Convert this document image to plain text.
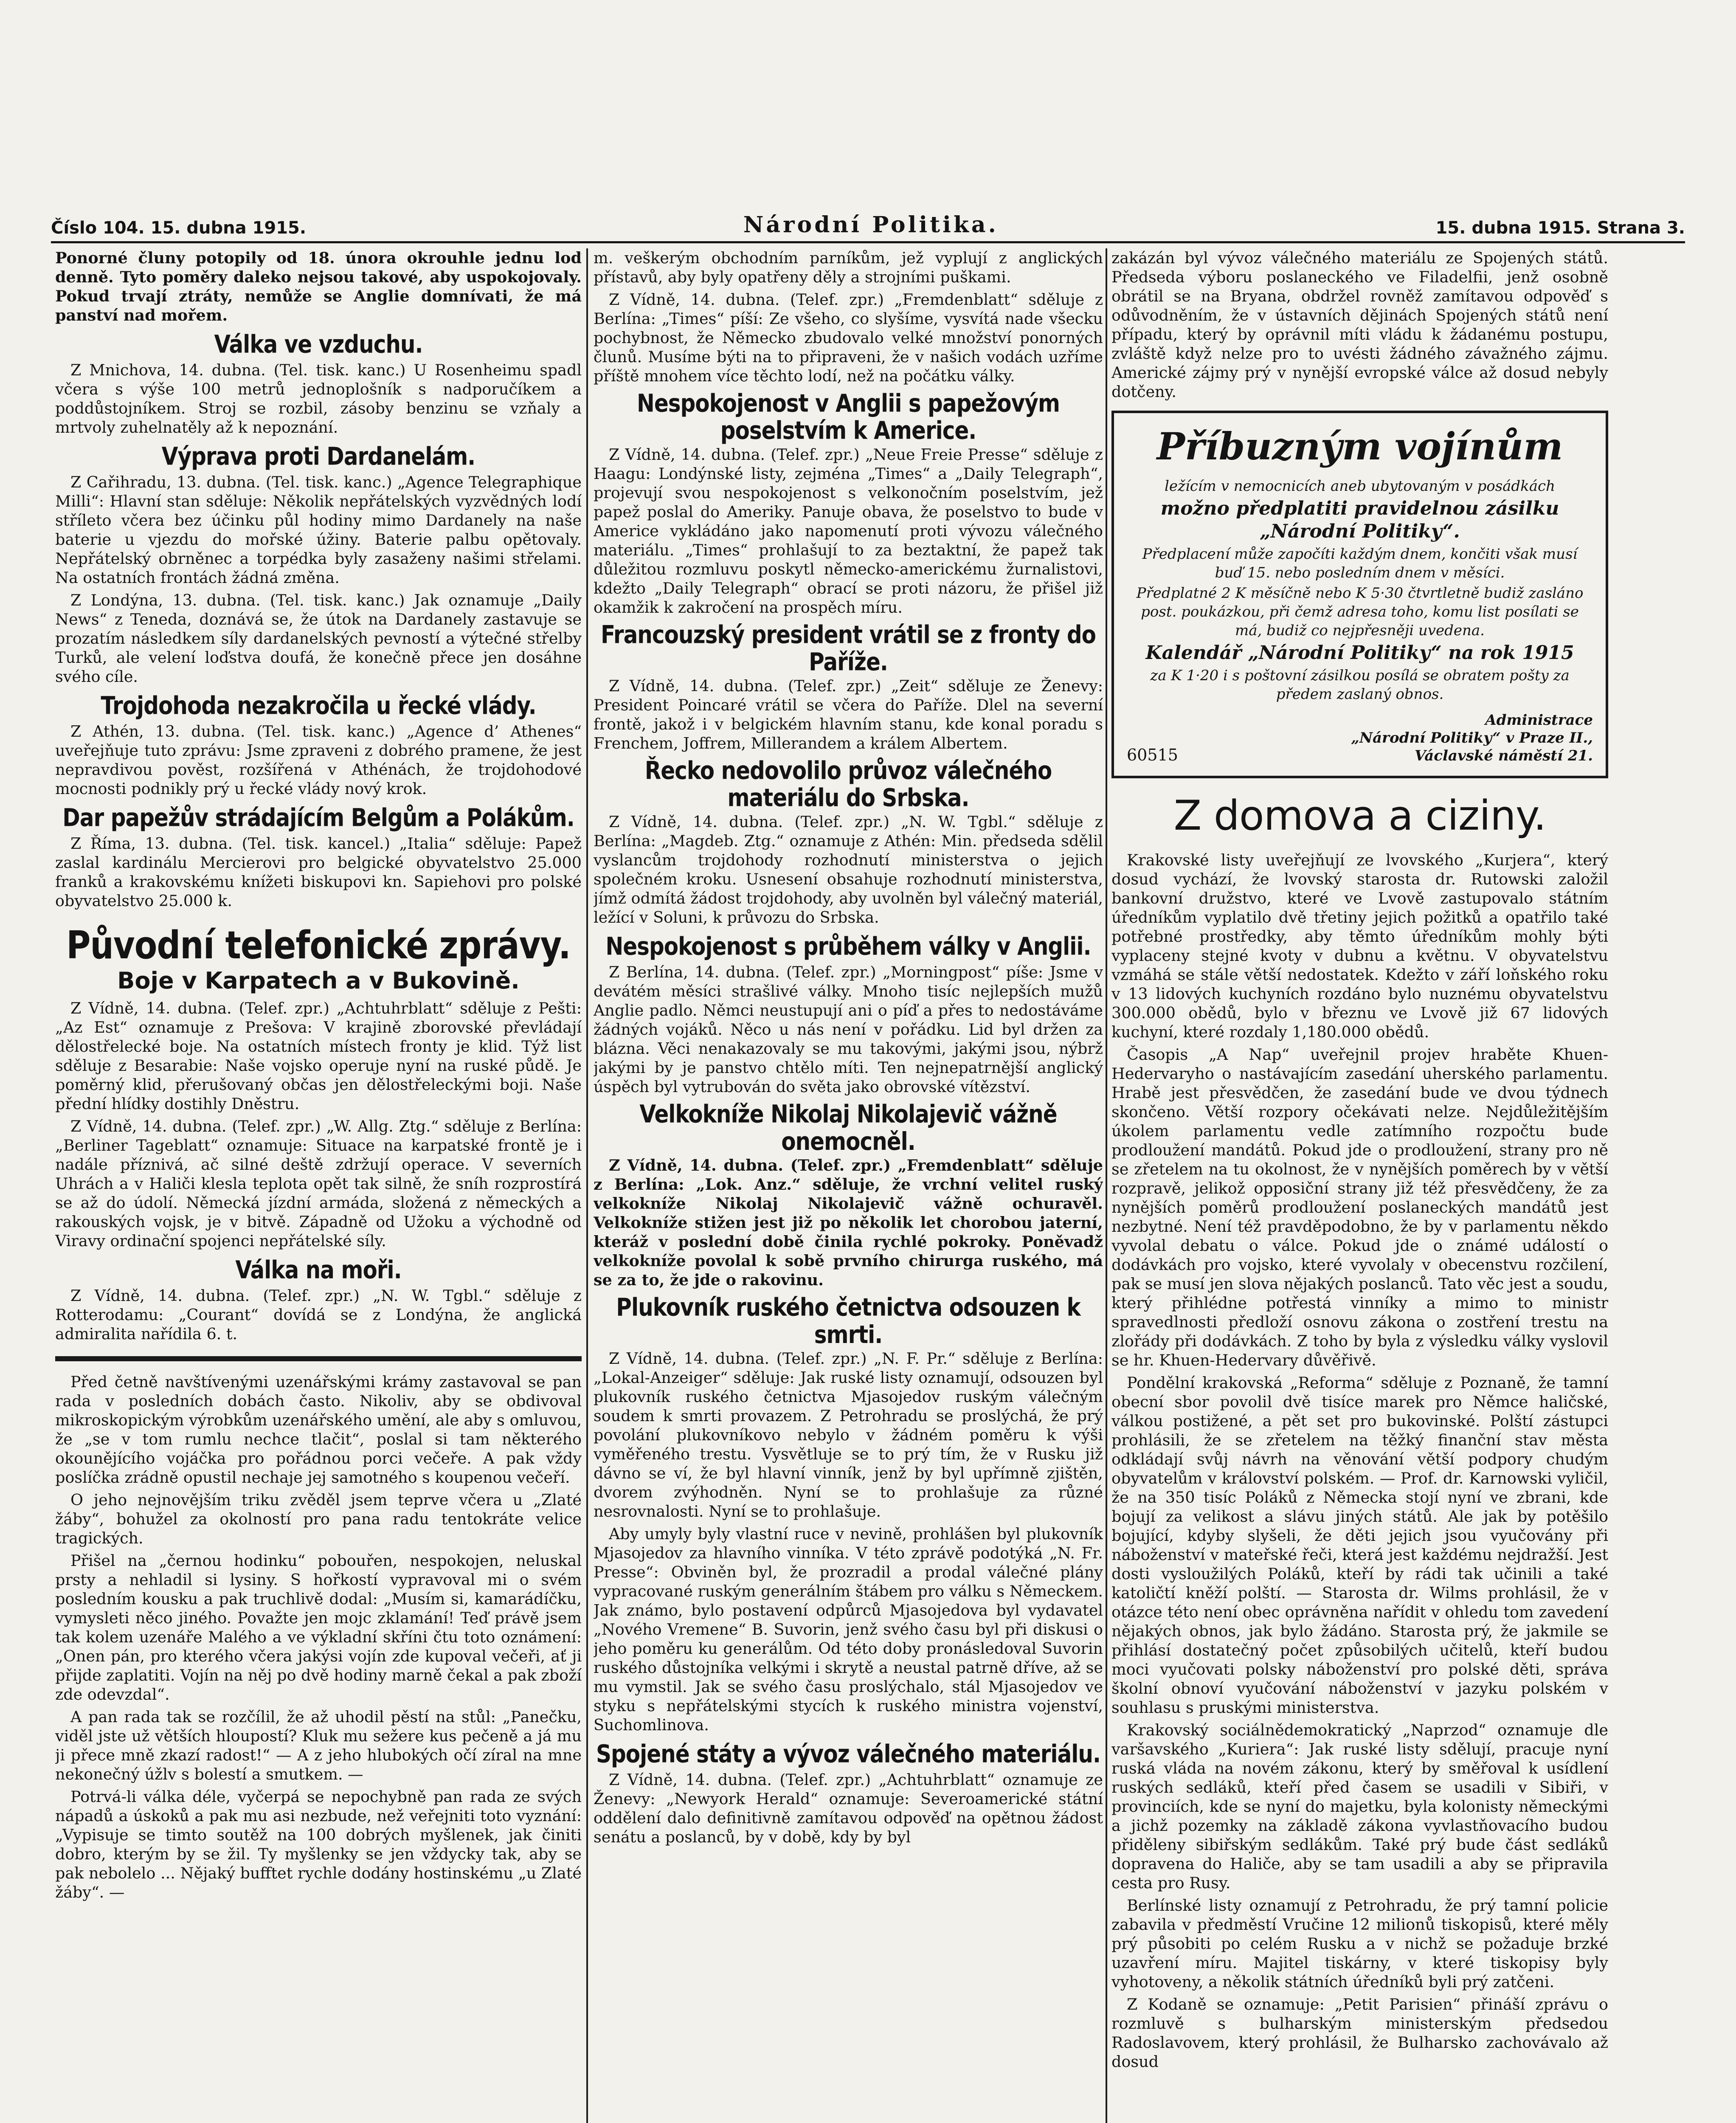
Číslo 104. 15. dubna 1915.	Národní Politika.	15. dubna 1915. Strana 3.

Ponorné čluny potopily od 18. února okrouhle jednu loď denně. Tyto poměry daleko nejsou takové, aby uspokojovaly. Pokud trvají ztráty, nemůže se Anglie domnívati, že má panství nad mořem.

Válka ve vzduchu.

Z Mnichova, 14. dubna. (Tel. tisk. kanc.) U Rosenheimu spadl včera s výše 100 metrů jednoplošník s nadporučíkem a poddůstojníkem. Stroj se rozbil, zásoby benzinu se vzňaly a mrtvoly zuhelnatěly až k nepoznání.

Výprava proti Dardanelám.

Z Cařihradu, 13. dubna. (Tel. tisk. kanc.) „Agence Telegraphique Milli“: Hlavní stan sděluje: Několik nepřátelských vyzvědných lodí stříleto včera bez účinku půl hodiny mimo Dardanely na naše baterie u vjezdu do mořské úžiny. Baterie palbu opětovaly. Nepřátelský obrněnec a torpédka byly zasaženy našimi střelami. Na ostatních frontách žádná změna.

Z Londýna, 13. dubna. (Tel. tisk. kanc.) Jak oznamuje „Daily News“ z Teneda, doznává se, že útok na Dardanely zastavuje se prozatím následkem síly dardanelských pevností a výtečné střelby Turků, ale velení loďstva doufá, že konečně přece jen dosáhne svého cíle.

Trojdohoda nezakročila u řecké vlády.

Z Athén, 13. dubna. (Tel. tisk. kanc.) „Agence d’ Athenes“ uveřejňuje tuto zprávu: Jsme zpraveni z dobrého pramene, že jest nepravdivou pověst, rozšířená v Athénách, že trojdohodové mocnosti podnikly prý u řecké vlády nový krok.

Dar papežův strádajícím Belgům a Polákům.

Z Říma, 13. dubna. (Tel. tisk. kancel.) „Italia“ sděluje: Papež zaslal kardinálu Mercierovi pro belgické obyvatelstvo 25.000 franků a krakovskému knížeti biskupovi kn. Sapiehovi pro polské obyvatelstvo 25.000 k.

Původní telefonické zprávy.
Boje v Karpatech a v Bukovině.

Z Vídně, 14. dubna. (Telef. zpr.) „Achtuhrblatt“ sděluje z Pešti: „Az Est“ oznamuje z Prešova: V krajině zborovské převládají dělostřelecké boje. Na ostatních místech fronty je klid. Týž list sděluje z Besarabie: Naše vojsko operuje nyní na ruské půdě. Je poměrný klid, přerušovaný občas jen dělostřeleckými boji. Naše přední hlídky dostihly Dněstru.

Z Vídně, 14. dubna. (Telef. zpr.) „W. Allg. Ztg.“ sděluje z Berlína: „Berliner Tageblatt“ oznamuje: Situace na karpatské frontě je i nadále příznivá, ač silné deště zdržují operace. V severních Uhrách a v Haliči klesla teplota opět tak silně, že sníh rozprostírá se až do údolí. Německá jízdní armáda, složená z německých a rakouských vojsk, je v bitvě. Západně od Užoku a východně od Viravy ordinační spojenci nepřátelské síly.

Válka na moři.

Z Vídně, 14. dubna. (Telef. zpr.) „N. W. Tgbl.“ sděluje z Rotterodamu: „Courant“ dovídá se z Londýna, že anglická admiralita nařídila 6. t.

Před četně navštívenými uzenářskými krámy zastavoval se pan rada v posledních dobách často. Nikoliv, aby se obdivoval mikroskopickým výrobkům uzenářského umění, ale aby s omluvou, že „se v tom rumlu nechce tlačit“, poslal si tam některého okounějícího vojáčka pro pořádnou porci večeře. A pak vždy poslíčka zrádně opustil nechaje jej samotného s koupenou večeří.

O jeho nejnovějším triku zvěděl jsem teprve včera u „Zlaté žáby“, bohužel za okolností pro pana radu tentokráte velice tragických.

Přišel na „černou hodinku“ pobouřen, nespokojen, neluskal prsty a nehladil si lysiny. S hořkostí vypravoval mi o svém posledním kousku a pak truchlivě dodal: „Musím si, kamarádíčku, vymysleti něco jiného. Považte jen mojc zklamání! Teď právě jsem tak kolem uzenáře Malého a ve výkladní skříni čtu toto oznámení: „Onen pán, pro kterého včera jakýsi vojín zde kupoval večeři, ať ji přijde zaplatiti. Vojín na něj po dvě hodiny marně čekal a pak zboží zde odevzdal“.

A pan rada tak se rozčílil, že až uhodil pěstí na stůl: „Panečku, viděl jste už větších hloupostí? Kluk mu sežere kus pečeně a já mu ji přece mně zkazí radost!“ — A z jeho hlubokých očí zíral na mne nekonečný úžlv s bolestí a smutkem. —

Potrvá-li válka déle, vyčerpá se nepochybně pan rada ze svých nápadů a úskoků a pak mu asi nezbude, než veřejniti toto vyznání: „Vypisuje se timto soutěž na 100 dobrých myšlenek, jak činiti dobro, kterým by se žil. Ty myšlenky se jen vždycky tak, aby se pak nebolelo ... Nějaký bufftet rychle dodány hostinskému „u Zlaté žáby“. —

m. veškerým obchodním parníkům, jež vyplují z anglických přístavů, aby byly opatřeny děly a strojními puškami.

Z Vídně, 14. dubna. (Telef. zpr.) „Fremdenblatt“ sděluje z Berlína: „Times“ píší: Ze všeho, co slyšíme, vysvítá nade všecku pochybnost, že Německo zbudovalo velké množství ponorných člunů. Musíme býti na to připraveni, že v našich vodách uzříme příště mnohem více těchto lodí, než na počátku války.

Nespokojenost v Anglii s papežovým poselstvím k Americe.

Z Vídně, 14. dubna. (Telef. zpr.) „Neue Freie Presse“ sděluje z Haagu: Londýnské listy, zejména „Times“ a „Daily Telegraph“, projevují svou nespokojenost s velkonočním poselstvím, jež papež poslal do Ameriky. Panuje obava, že poselstvo to bude v Americe vykládáno jako napomenutí proti vývozu válečného materiálu. „Times“ prohlašují to za beztaktní, že papež tak důležitou rozmluvu poskytl německo-americkému žurnalistovi, kdežto „Daily Telegraph“ obrací se proti názoru, že přišel již okamžik k zakročení na prospěch míru.

Francouzský president vrátil se z fronty do Paříže.

Z Vídně, 14. dubna. (Telef. zpr.) „Zeit“ sděluje ze Ženevy: President Poincaré vrátil se včera do Paříže. Dlel na severní frontě, jakož i v belgickém hlavním stanu, kde konal poradu s Frenchem, Joffrem, Millerandem a králem Albertem.

Řecko nedovolilo průvoz válečného materiálu do Srbska.

Z Vídně, 14. dubna. (Telef. zpr.) „N. W. Tgbl.“ sděluje z Berlína: „Magdeb. Ztg.“ oznamuje z Athén: Min. předseda sdělil vyslancům trojdohody rozhodnutí ministerstva o jejich společném kroku. Usnesení obsahuje rozhodnutí ministerstva, jímž odmítá žádost trojdohody, aby uvolněn byl válečný materiál, ležící v Soluni, k průvozu do Srbska.

Nespokojenost s průběhem války v Anglii.

Z Berlína, 14. dubna. (Telef. zpr.) „Morningpost“ píše: Jsme v devátém měsíci strašlivé války. Mnoho tisíc nejlepších mužů Anglie padlo. Němci neustupují ani o píď a přes to nedostáváme žádných vojáků. Něco u nás není v pořádku. Lid byl držen za blázna. Věci nenakazovaly se mu takovými, jakými jsou, nýbrž jakými by je panstvo chtělo míti. Ten nejnepatrnější anglický úspěch byl vytrubován do světa jako obrovské vítězství.

Velkokníže Nikolaj Nikolajevič vážně onemocněl.

Z Vídně, 14. dubna. (Telef. zpr.) „Fremdenblatt“ sděluje z Berlína: „Lok. Anz.“ sděluje, že vrchní velitel ruský velkokníže Nikolaj Nikolajevič vážně ochuravěl. Velkokníže stižen jest již po několik let chorobou jaterní, kteráž v poslední době činila rychlé pokroky. Poněvadž velkokníže povolal k sobě prvního chirurga ruského, má se za to, že jde o rakovinu.

Plukovník ruského četnictva odsouzen k smrti.

Z Vídně, 14. dubna. (Telef. zpr.) „N. F. Pr.“ sděluje z Berlína: „Lokal-Anzeiger“ sděluje: Jak ruské listy oznamují, odsouzen byl plukovník ruského četnictva Mjasojedov ruským válečným soudem k smrti provazem. Z Petrohradu se proslýchá, že prý povolání plukovníkovo nebylo v žádném poměru k výši vyměřeného trestu. Vysvětluje se to prý tím, že v Rusku již dávno se ví, že byl hlavní vinník, jenž by byl upřímně zjištěn, dvorem zvýhodněn. Nyní se to prohlašuje za různé nesrovnalosti. Nyní se to prohlašuje.

Aby umyly byly vlastní ruce v nevině, prohlášen byl plukovník Mjasojedov za hlavního vinníka. V této zprávě podotýká „N. Fr. Presse“: Obviněn byl, že prozradil a prodal válečné plány vypracované ruským generálním štábem pro válku s Německem. Jak známo, bylo postavení odpůrců Mjasojedova byl vydavatel „Nového Vremene“ B. Suvorin, jenž svého času byl při diskusi o jeho poměru ku generálům. Od této doby pronásledoval Suvorin ruského důstojníka velkými i skrytě a neustal patrně dříve, až se mu vymstil. Jak se svého času proslýchalo, stál Mjasojedov ve styku s nepřátelskými stycích k ruského ministra vojenství, Suchomlinova.

Spojené státy a vývoz válečného materiálu.

Z Vídně, 14. dubna. (Telef. zpr.) „Achtuhrblatt“ oznamuje ze Ženevy: „Newyork Herald“ oznamuje: Severoamerické státní oddělení dalo definitivně zamítavou odpověď na opětnou žádost senátu a poslanců, by v době, kdy by byl

zakázán byl vývoz válečného materiálu ze Spojených států. Předseda výboru poslaneckého ve Filadelfii, jenž osobně obrátil se na Bryana, obdržel rovněž zamítavou odpověď s odůvodněním, že v ústavních dějinách Spojených států není případu, který by oprávnil míti vládu k žádanému postupu, zvláště když nelze pro to uvésti žádného závažného zájmu. Americké zájmy prý v nynější evropské válce až dosud nebyly dotčeny.

Příbuzným vojínům

ležícím v nemocnicích aneb ubytovaným v posádkách

možno předplatiti pravidelnou zásilku
„Národní Politiky“.

Předplacení může započíti každým dnem, končiti však musí buď 15. nebo posledním dnem v měsíci.

Předplatné 2 K měsíčně nebo K 5·30 čtvrtletně budiž zasláno post. poukázkou, při čemž adresa toho, komu list posílati se má, budiž co nejpřesněji uvedena.

Kalendář „Národní Politiky“ na rok 1915

za K 1·20 i s poštovní zásilkou posílá se obratem pošty za předem zaslaný obnos.

60515
Administrace
„Národní Politiky“ v Praze II.,
Václavské náměstí 21.
Z domova a ciziny.

Krakovské listy uveřejňují ze lvovského „Kurjera“, který dosud vychází, že lvovský starosta dr. Rutowski založil bankovní družstvo, které ve Lvově zastupovalo státním úředníkům vyplatilo dvě třetiny jejich požitků a opatřilo také potřebné prostředky, aby těmto úředníkům mohly býti vyplaceny stejné kvoty v dubnu a květnu. V obyvatelstvu vzmáhá se stále větší nedostatek. Kdežto v září loňského roku v 13 lidových kuchyních rozdáno bylo nuznému obyvatelstvu 300.000 obědů, bylo v březnu ve Lvově již 67 lidových kuchyní, které rozdaly 1,180.000 obědů.

Časopis „A Nap“ uveřejnil projev hraběte Khuen-Hedervaryho o nastávajícím zasedání uherského parlamentu. Hrabě jest přesvědčen, že zasedání bude ve dvou týdnech skončeno. Větší rozpory očekávati nelze. Nejdůležitějším úkolem parlamentu vedle zatímního rozpočtu bude prodloužení mandátů. Pokud jde o prodloužení, strany pro ně se zřetelem na tu okolnost, že v nynějších poměrech by v větší rozpravě, jelikož opposiční strany již též přesvědčeny, že za nynějších poměrů prodloužení poslaneckých mandátů jest nezbytné. Není též pravděpodobno, že by v parlamentu někdo vyvolal debatu o válce. Pokud jde o známé událostí o dodávkách pro vojsko, které vyvolaly v obecenstvu rozčilení, pak se musí jen slova nějakých poslanců. Tato věc jest a soudu, který přihlédne potřestá vinníky a mimo to ministr spravedlnosti předloží osnovu zákona o zostření trestu na zlořády při dodávkách. Z toho by byla z výsledku války vyslovil se hr. Khuen-Hedervary důvěřivě.

Pondělní krakovská „Reforma“ sděluje z Poznaně, že tamní obecní sbor povolil dvě tisíce marek pro Němce haličské, válkou postižené, a pět set pro bukovinské. Polští zástupci prohlásili, že se zřetelem na těžký finanční stav města odkládají svůj návrh na věnování větší podpory chudým obyvatelům v království polském. — Prof. dr. Karnowski vyličil, že na 350 tisíc Poláků z Německa stojí nyní ve zbrani, kde bojují za velikost a slávu jiných států. Ale jak by potěšilo bojující, kdyby slyšeli, že děti jejich jsou vyučovány při náboženství v mateřské řeči, která jest každému nejdražší. Jest dosti vysloužilých Poláků, kteří by rádi tak učinili a také katoličtí kněží polští. — Starosta dr. Wilms prohlásil, že v otázce této není obec oprávněna nařídit v ohledu tom zavedení nějakých obnos, jak bylo žádáno. Starosta prý, že jakmile se přihlásí dostatečný počet způsobilých učitelů, kteří budou moci vyučovati polsky náboženství pro polské děti, správa školní obnoví vyučování náboženství v jazyku polském v souhlasu s pruskými ministerstva.

Krakovský sociálnědemokratický „Naprzod“ oznamuje dle varšavského „Kuriera“: Jak ruské listy sdělují, pracuje nyní ruská vláda na novém zákonu, který by směřoval k usídlení ruských sedláků, kteří před časem se usadili v Sibiři, v provinciích, kde se nyní do majetku, byla kolonisty německými a jichž pozemky na základě zákona vyvlastňovacího budou přiděleny sibiřským sedlákům. Také prý bude část sedláků dopravena do Haliče, aby se tam usadili a aby se připravila cesta pro Rusy.

Berlínské listy oznamují z Petrohradu, že prý tamní policie zabavila v předměstí Vručine 12 milionů tiskopisů, které měly prý působiti po celém Rusku a v nichž se požaduje brzké uzavření míru. Majitel tiskárny, v které tiskopisy byly vyhotoveny, a několik státních úředníků byli prý zatčeni.

Z Kodaně se oznamuje: „Petit Parisien“ přináší zprávu o rozmluvě s bulharským ministerským předsedou Radoslavovem, který prohlásil, že Bulharsko zachovávalo až dosud
